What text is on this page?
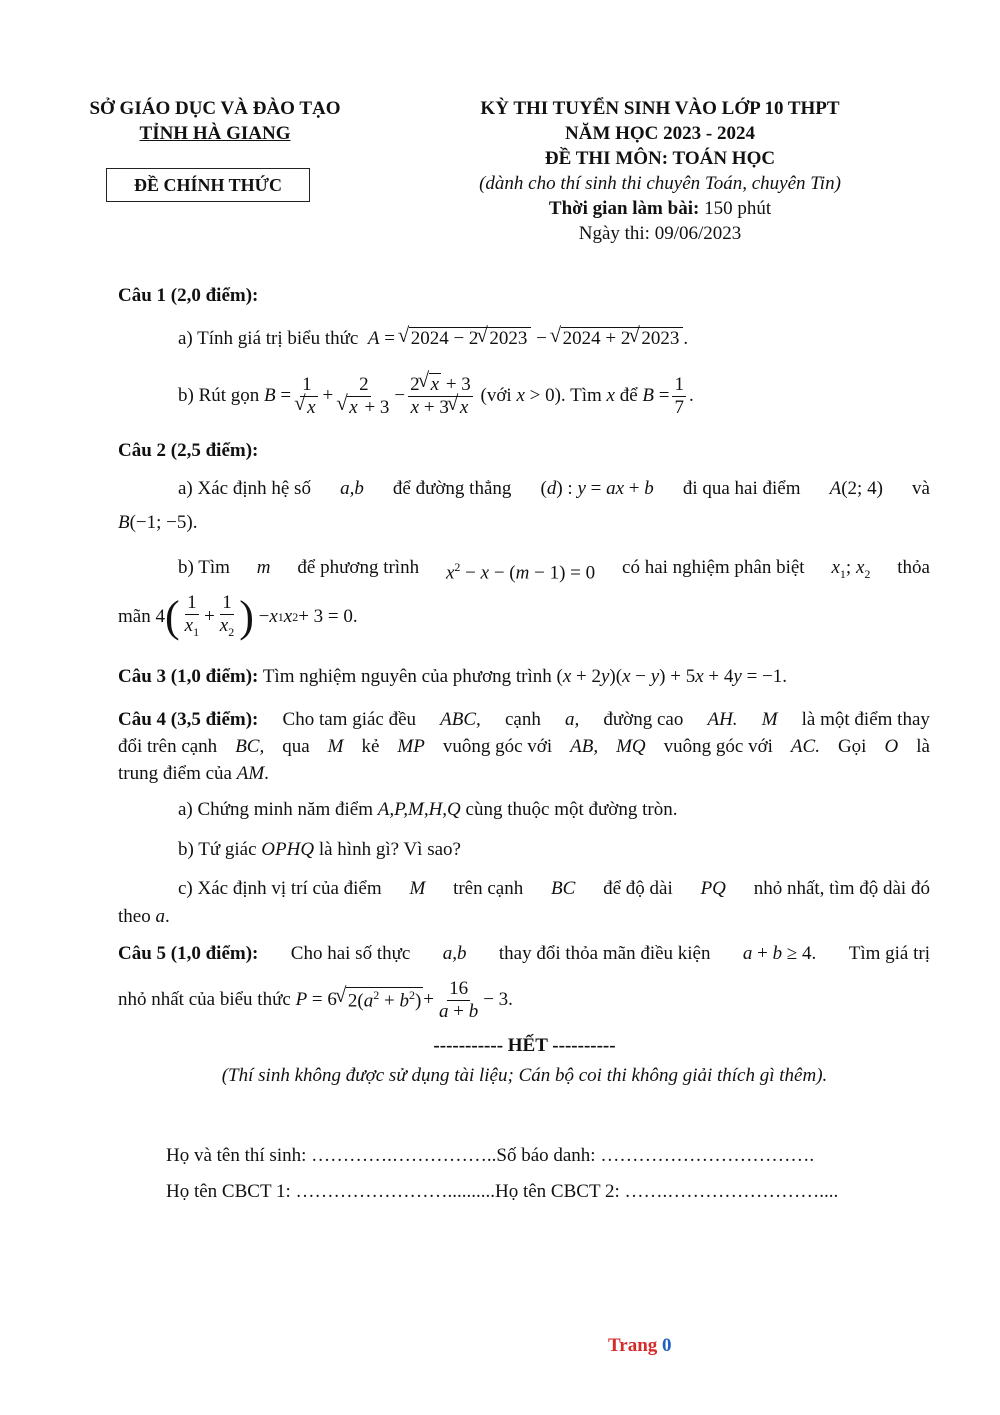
SỞ GIÁO DỤC VÀ ĐÀO TẠO
TỈNH HÀ GIANG
ĐỀ CHÍNH THỨC
KỲ THI TUYỂN SINH VÀO LỚP 10 THPT
NĂM HỌC 2023 - 2024
ĐỀ THI MÔN: TOÁN HỌC
(dành cho thí sinh thi chuyên Toán, chuyên Tin)
Thời gian làm bài: 150 phút
Ngày thi: 09/06/2023
Câu 1 (2,0 điểm):
a) Tính giá trị biểu thức  A = √ 2024 − 2 √ 2023 − √ 2024 + 2 √ 2023 .
b) Rút gọn
B = 1
√ x + 2
√ $x + 3 - \frac{2 √ x + 3}{x + 3 √ x}$
(với
x > 0 ). Tìm
x
để
$B = \frac{1}{7}$ .
Câu 2 (2,5 điểm):
a) Xác định hệ số a,b để đường thẳng (d) : y = ax + b đi qua hai điểm A(2; 4) và
B(−1; −5).
b) Tìm m để phương trình $x^2 - x - (m - 1) = 0$ có hai nghiệm phân biệt $x_1$; $x_2$ thỏa
mãn 4 ( $\frac{1}{x_1} + \frac{1}{x_2}$ ) − x 1 x 2 + 3 = 0.
Câu 3 (1,0 điểm): Tìm nghiệm nguyên của phương trình (x + 2y)(x − y) + 5x + 4y = −1.
Câu 4 (3,5 điểm): Cho tam giác đều ABC, cạnh a, đường cao AH. M là một điểm thay
đổi trên cạnh BC, qua M kẻ MP vuông góc với AB, MQ vuông góc với AC. Gọi O là
trung điểm của AM.
a) Chứng minh năm điểm A,P,M,H,Q cùng thuộc một đường tròn.
b) Tứ giác OPHQ là hình gì? Vì sao?
c) Xác định vị trí của điểm M trên cạnh BC để độ dài PQ nhỏ nhất, tìm độ dài đó
theo a.
Câu 5 (1,0 điểm): Cho hai số thực a,b thay đổi thỏa mãn điều kiện a + b ≥ 4. Tìm giá trị
nhỏ nhất của biểu thức
P = 6 √ $2(a^2 + b^2) + \frac{16}{a + b} - 3$.
----------- HẾT ----------
(Thí sinh không được sử dụng tài liệu; Cán bộ coi thi không giải thích gì thêm).
Họ và tên thí sinh: ………….……………..Số báo danh: …………………………….
Họ tên CBCT 1: ……………………..........Họ tên CBCT 2: …….……………………....
Trang 0
